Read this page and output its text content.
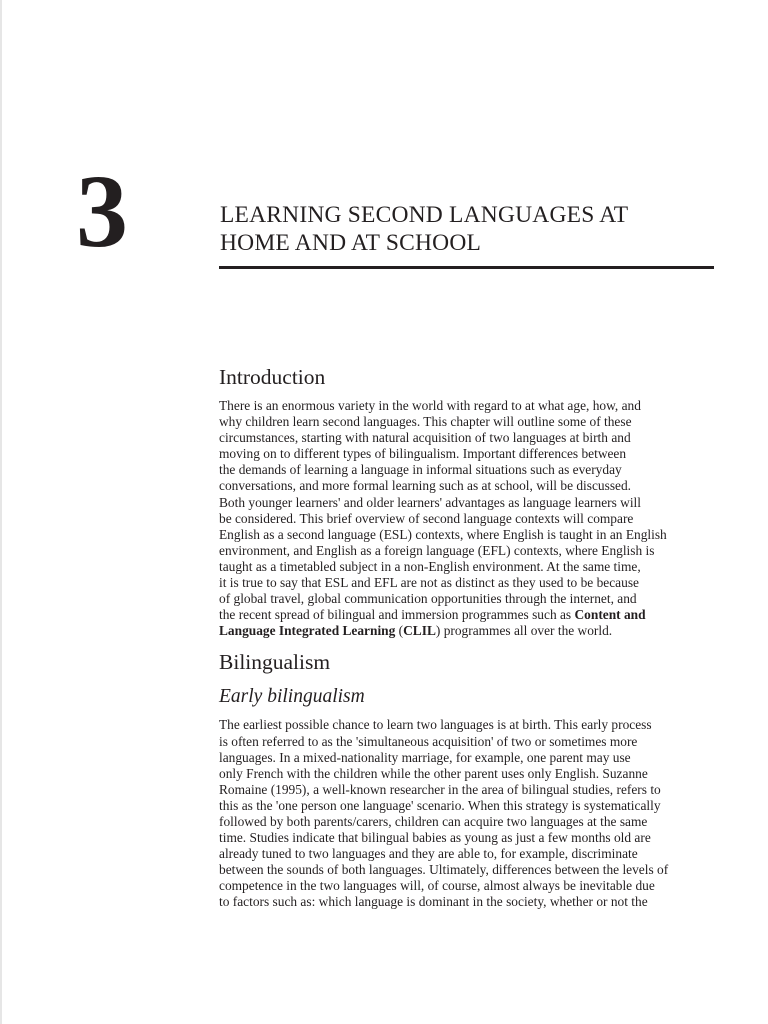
3	LEARNING SECOND LANGUAGES AT
HOME AND AT SCHOOL
Introduction

There is an enormous variety in the world with regard to at what age, how, and
why children learn second languages. This chapter will outline some of these
circumstances, starting with natural acquisition of two languages at birth and
moving on to different types of bilingualism. Important differences between
the demands of learning a language in informal situations such as everyday
conversations, and more formal learning such as at school, will be discussed.
Both younger learners' and older learners' advantages as language learners will
be considered. This brief overview of second language contexts will compare
English as a second language (ESL) contexts, where English is taught in an English
environment, and English as a foreign language (EFL) contexts, where English is
taught as a timetabled subject in a non-English environment. At the same time,
it is true to say that ESL and EFL are not as distinct as they used to be because
of global travel, global communication opportunities through the internet, and
the recent spread of bilingual and immersion programmes such as Content and
Language Integrated Learning (CLIL) programmes all over the world.

Bilingualism
Early bilingualism

The earliest possible chance to learn two languages is at birth. This early process
is often referred to as the 'simultaneous acquisition' of two or sometimes more
languages. In a mixed-nationality marriage, for example, one parent may use
only French with the children while the other parent uses only English. Suzanne
Romaine (1995), a well-known researcher in the area of bilingual studies, refers to
this as the 'one person one language' scenario. When this strategy is systematically
followed by both parents/carers, children can acquire two languages at the same
time. Studies indicate that bilingual babies as young as just a few months old are
already tuned to two languages and they are able to, for example, discriminate
between the sounds of both languages. Ultimately, differences between the levels of
competence in the two languages will, of course, almost always be inevitable due
to factors such as: which language is dominant in the society, whether or not the
